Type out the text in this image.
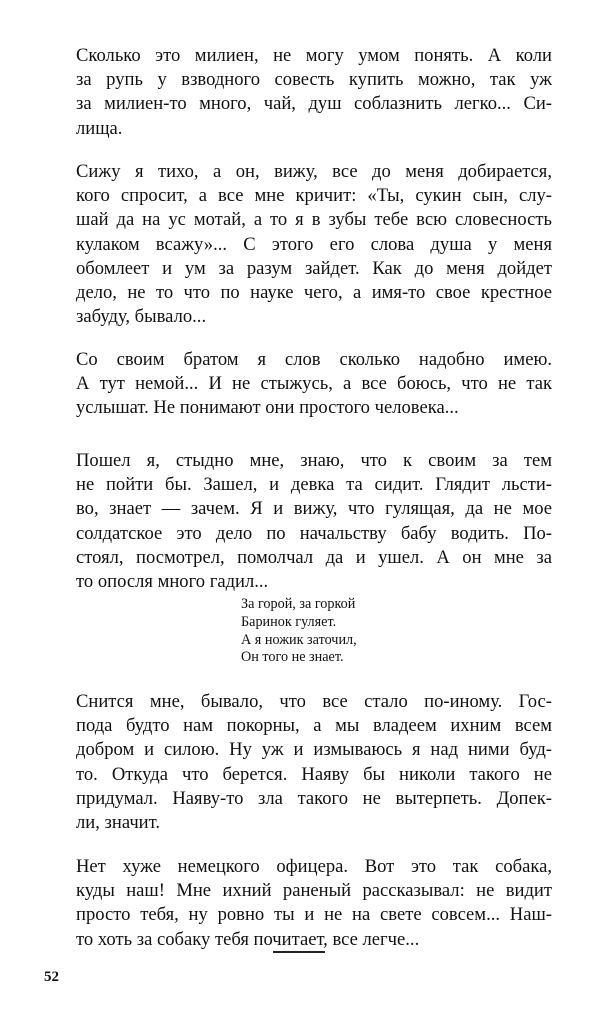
Сколько это милиен, не могу умом понять. А коли
за рупь у взводного совесть купить можно, так уж
за милиен-то много, чай, душ соблазнить легко... Си-
лища.

Сижу я тихо, а он, вижу, все до меня добирается,
кого спросит, а все мне кричит: «Ты, сукин сын, слу-
шай да на ус мотай, а то я в зубы тебе всю словесность
кулаком всажу»... С этого его слова душа у меня
обомлеет и ум за разум зайдет. Как до меня дойдет
дело, не то что по науке чего, а имя-то свое крестное
забуду, бывало...

Со своим братом я слов сколько надобно имею.
А тут немой... И не стыжусь, а все боюсь, что не так
услышат. Не понимают они простого человека...

Пошел я, стыдно мне, знаю, что к своим за тем
не пойти бы. Зашел, и девка та сидит. Глядит льсти-
во, знает — зачем. Я и вижу, что гулящая, да не мое
солдатское это дело по начальству бабу водить. По-
стоял, посмотрел, помолчал да и ушел. А он мне за
то опосля много гадил...

За горой, за горкой
Баринок гуляет.
А я ножик заточил,
Он того не знает.

Снится мне, бывало, что все стало по-иному. Гос-
пода будто нам покорны, а мы владеем ихним всем
добром и силою. Ну уж и измываюсь я над ними буд-
то. Откуда что берется. Наяву бы николи такого не
придумал. Наяву-то зла такого не вытерпеть. Допек-
ли, значит.

Нет хуже немецкого офицера. Вот это так собака,
куды наш! Мне ихний раненый рассказывал: не видит
просто тебя, ну ровно ты и не на свете совсем... Наш-
то хоть за собаку тебя почитает, все легче...

52
